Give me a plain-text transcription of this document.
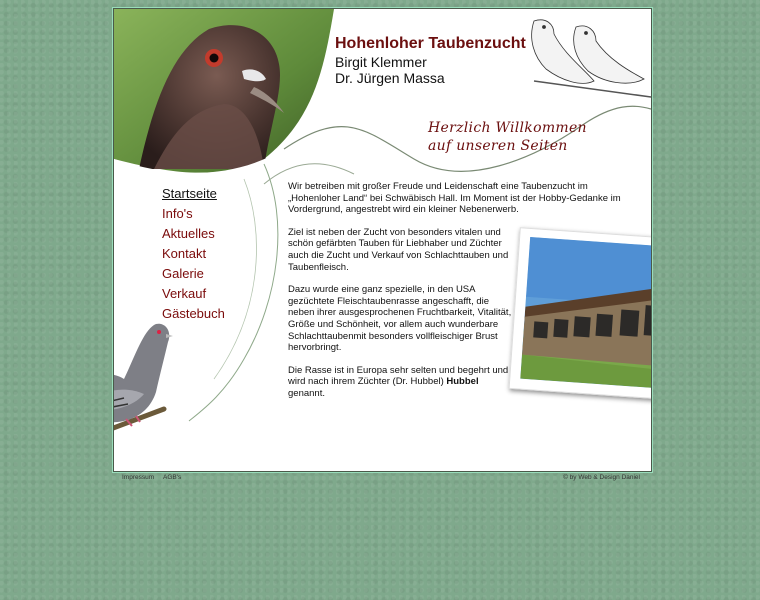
Hohenloher Taubenzucht
Birgit Klemmer
Dr. Jürgen Massa
Herzlich Willkommen
auf unseren Seiten
Startseite
Info's
Aktuelles
Kontakt
Galerie
Verkauf
Gästebuch

Wir betreiben mit großer Freude und Leidenschaft eine Taubenzucht im „Hohenloher Land“ bei Schwäbisch Hall. Im Moment ist der Hobby-Gedanke im Vordergrund, angestrebt wird ein kleiner Nebenerwerb.

Ziel ist neben der Zucht von besonders vitalen und schön gefärbten Tauben für Liebhaber und Züchter auch die Zucht und Verkauf von Schlachttauben und Taubenfleisch.

Dazu wurde eine ganz spezielle, in den USA gezüchtete Fleischtaubenrasse angeschafft, die neben ihrer ausgesprochenen Fruchtbarkeit, Vitalität, Größe und Schönheit, vor allem auch wunderbare Schlachttaubenmit besonders vollfleischiger Brust hervorbringt.

Die Rasse ist in Europa sehr selten und begehrt und wird nach ihrem Züchter (Dr. Hubbel) Hubbel genannt.

Impressum AGB's	© by Web & Design Daniel
